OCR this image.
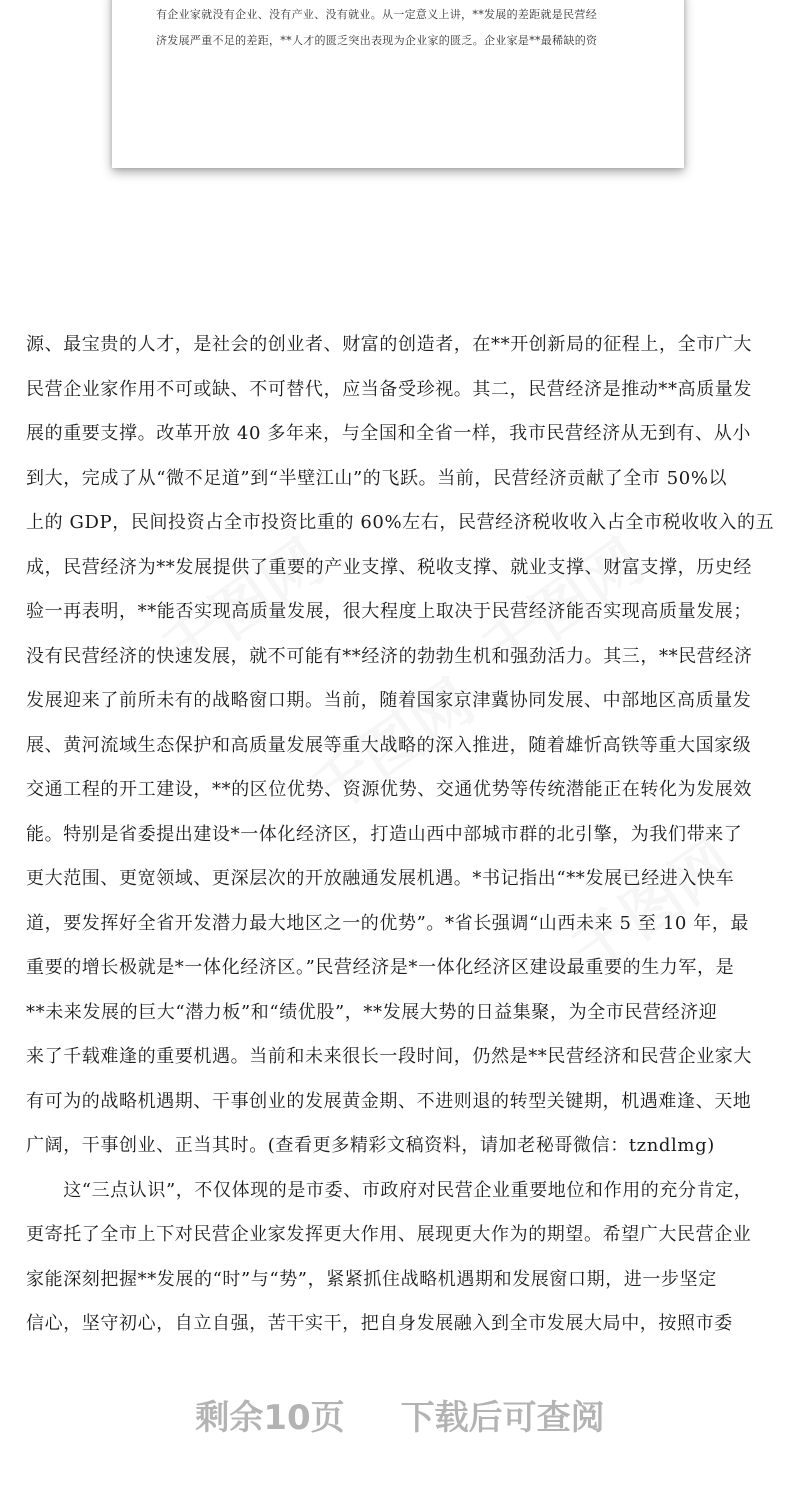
有企业家就没有企业、没有产业、没有就业。从一定意义上讲，**发展的差距就是民营经
济发展严重不足的差距，**人才的匮乏突出表现为企业家的匮乏。企业家是**最稀缺的资
源、最宝贵的人才，是社会的创业者、财富的创造者，在**开创新局的征程上，全市广大
民营企业家作用不可或缺、不可替代，应当备受珍视。其二，民营经济是推动**高质量发
展的重要支撑。改革开放 40 多年来，与全国和全省一样，我市民营经济从无到有、从小
到大，完成了从“微不足道”到“半壁江山”的飞跃。当前，民营经济贡献了全市 50%以
上的 GDP，民间投资占全市投资比重的 60%左右，民营经济税收收入占全市税收收入的五
成，民营经济为**发展提供了重要的产业支撑、税收支撑、就业支撑、财富支撑，历史经
验一再表明，**能否实现高质量发展，很大程度上取决于民营经济能否实现高质量发展；
没有民营经济的快速发展，就不可能有**经济的勃勃生机和强劲活力。其三，**民营经济
发展迎来了前所未有的战略窗口期。当前，随着国家京津冀协同发展、中部地区高质量发
展、黄河流域生态保护和高质量发展等重大战略的深入推进，随着雄忻高铁等重大国家级
交通工程的开工建设，**的区位优势、资源优势、交通优势等传统潜能正在转化为发展效
能。特别是省委提出建设*一体化经济区，打造山西中部城市群的北引擎，为我们带来了
更大范围、更宽领域、更深层次的开放融通发展机遇。*书记指出“**发展已经进入快车
道，要发挥好全省开发潜力最大地区之一的优势”。*省长强调“山西未来 5 至 10 年，最
重要的增长极就是*一体化经济区。”民营经济是*一体化经济区建设最重要的生力军，是
**未来发展的巨大“潜力板”和“绩优股”，**发展大势的日益集聚，为全市民营经济迎
来了千载难逢的重要机遇。当前和未来很长一段时间，仍然是**民营经济和民营企业家大
有可为的战略机遇期、干事创业的发展黄金期、不进则退的转型关键期，机遇难逢、天地
广阔，干事创业、正当其时。(查看更多精彩文稿资料，请加老秘哥微信：tzndlmg)
　　这“三点认识”，不仅体现的是市委、市政府对民营企业重要地位和作用的充分肯定，
更寄托了全市上下对民营企业家发挥更大作用、展现更大作为的期望。希望广大民营企业
家能深刻把握**发展的“时”与“势”，紧紧抓住战略机遇期和发展窗口期，进一步坚定
信心，坚守初心，自立自强，苦干实干，把自身发展融入到全市发展大局中，按照市委
剩余10页 下载后可查阅
